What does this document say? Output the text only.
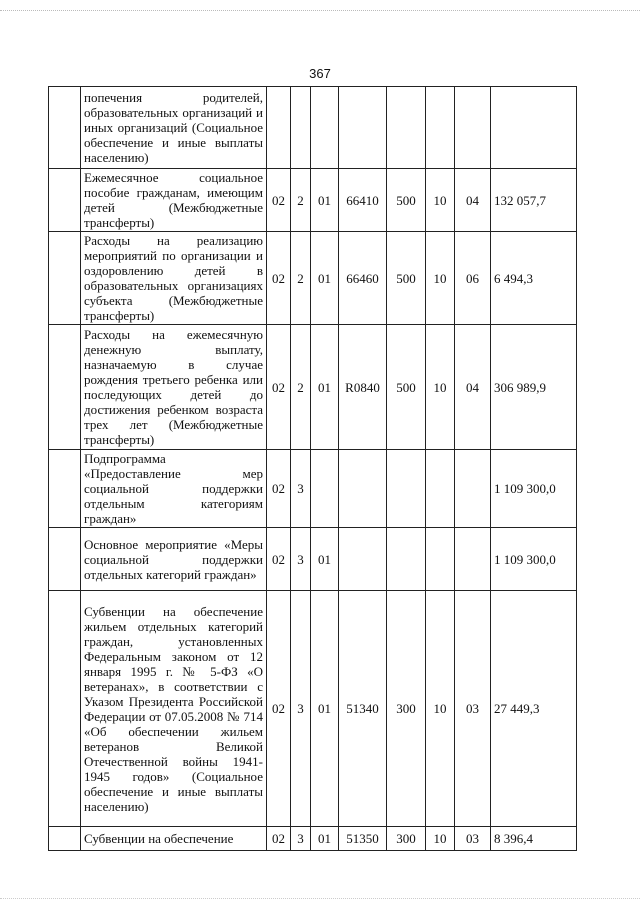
367
	попечения родителей, образовательных организаций и иных организаций (Социальное обеспечение и иные выплаты населению)								
	Ежемесячное социальное пособие гражданам, имеющим детей (Межбюджетные трансферты)	02	2	01	66410	500	10	04	132 057,7
	Расходы на реализацию мероприятий по организации и оздоровлению детей в образовательных организациях субъекта (Межбюджетные трансферты)	02	2	01	66460	500	10	06	6 494,3
	Расходы на ежемесячную денежную выплату, назначаемую в случае рождения третьего ребенка или последующих детей до достижения ребенком возраста трех лет (Межбюджетные трансферты)	02	2	01	R0840	500	10	04	306 989,9
	Подпрограмма «Предоставление мер социальной поддержки отдельным категориям граждан»	02	3						1 109 300,0
	Основное мероприятие «Меры социальной поддержки отдельных категорий граждан»	02	3	01					1 109 300,0
	Субвенции на обеспечение жильем отдельных категорий граждан, установленных Федеральным законом от 12 января 1995 г. № 5-ФЗ «О ветеранах», в соответствии с Указом Президента Российской Федерации от 07.05.2008 № 714 «Об обеспечении жильем ветеранов Великой Отечественной войны 1941-1945 годов» (Социальное обеспечение и иные выплаты населению)	02	3	01	51340	300	10	03	27 449,3
	Субвенции на обеспечение	02	3	01	51350	300	10	03	8 396,4
